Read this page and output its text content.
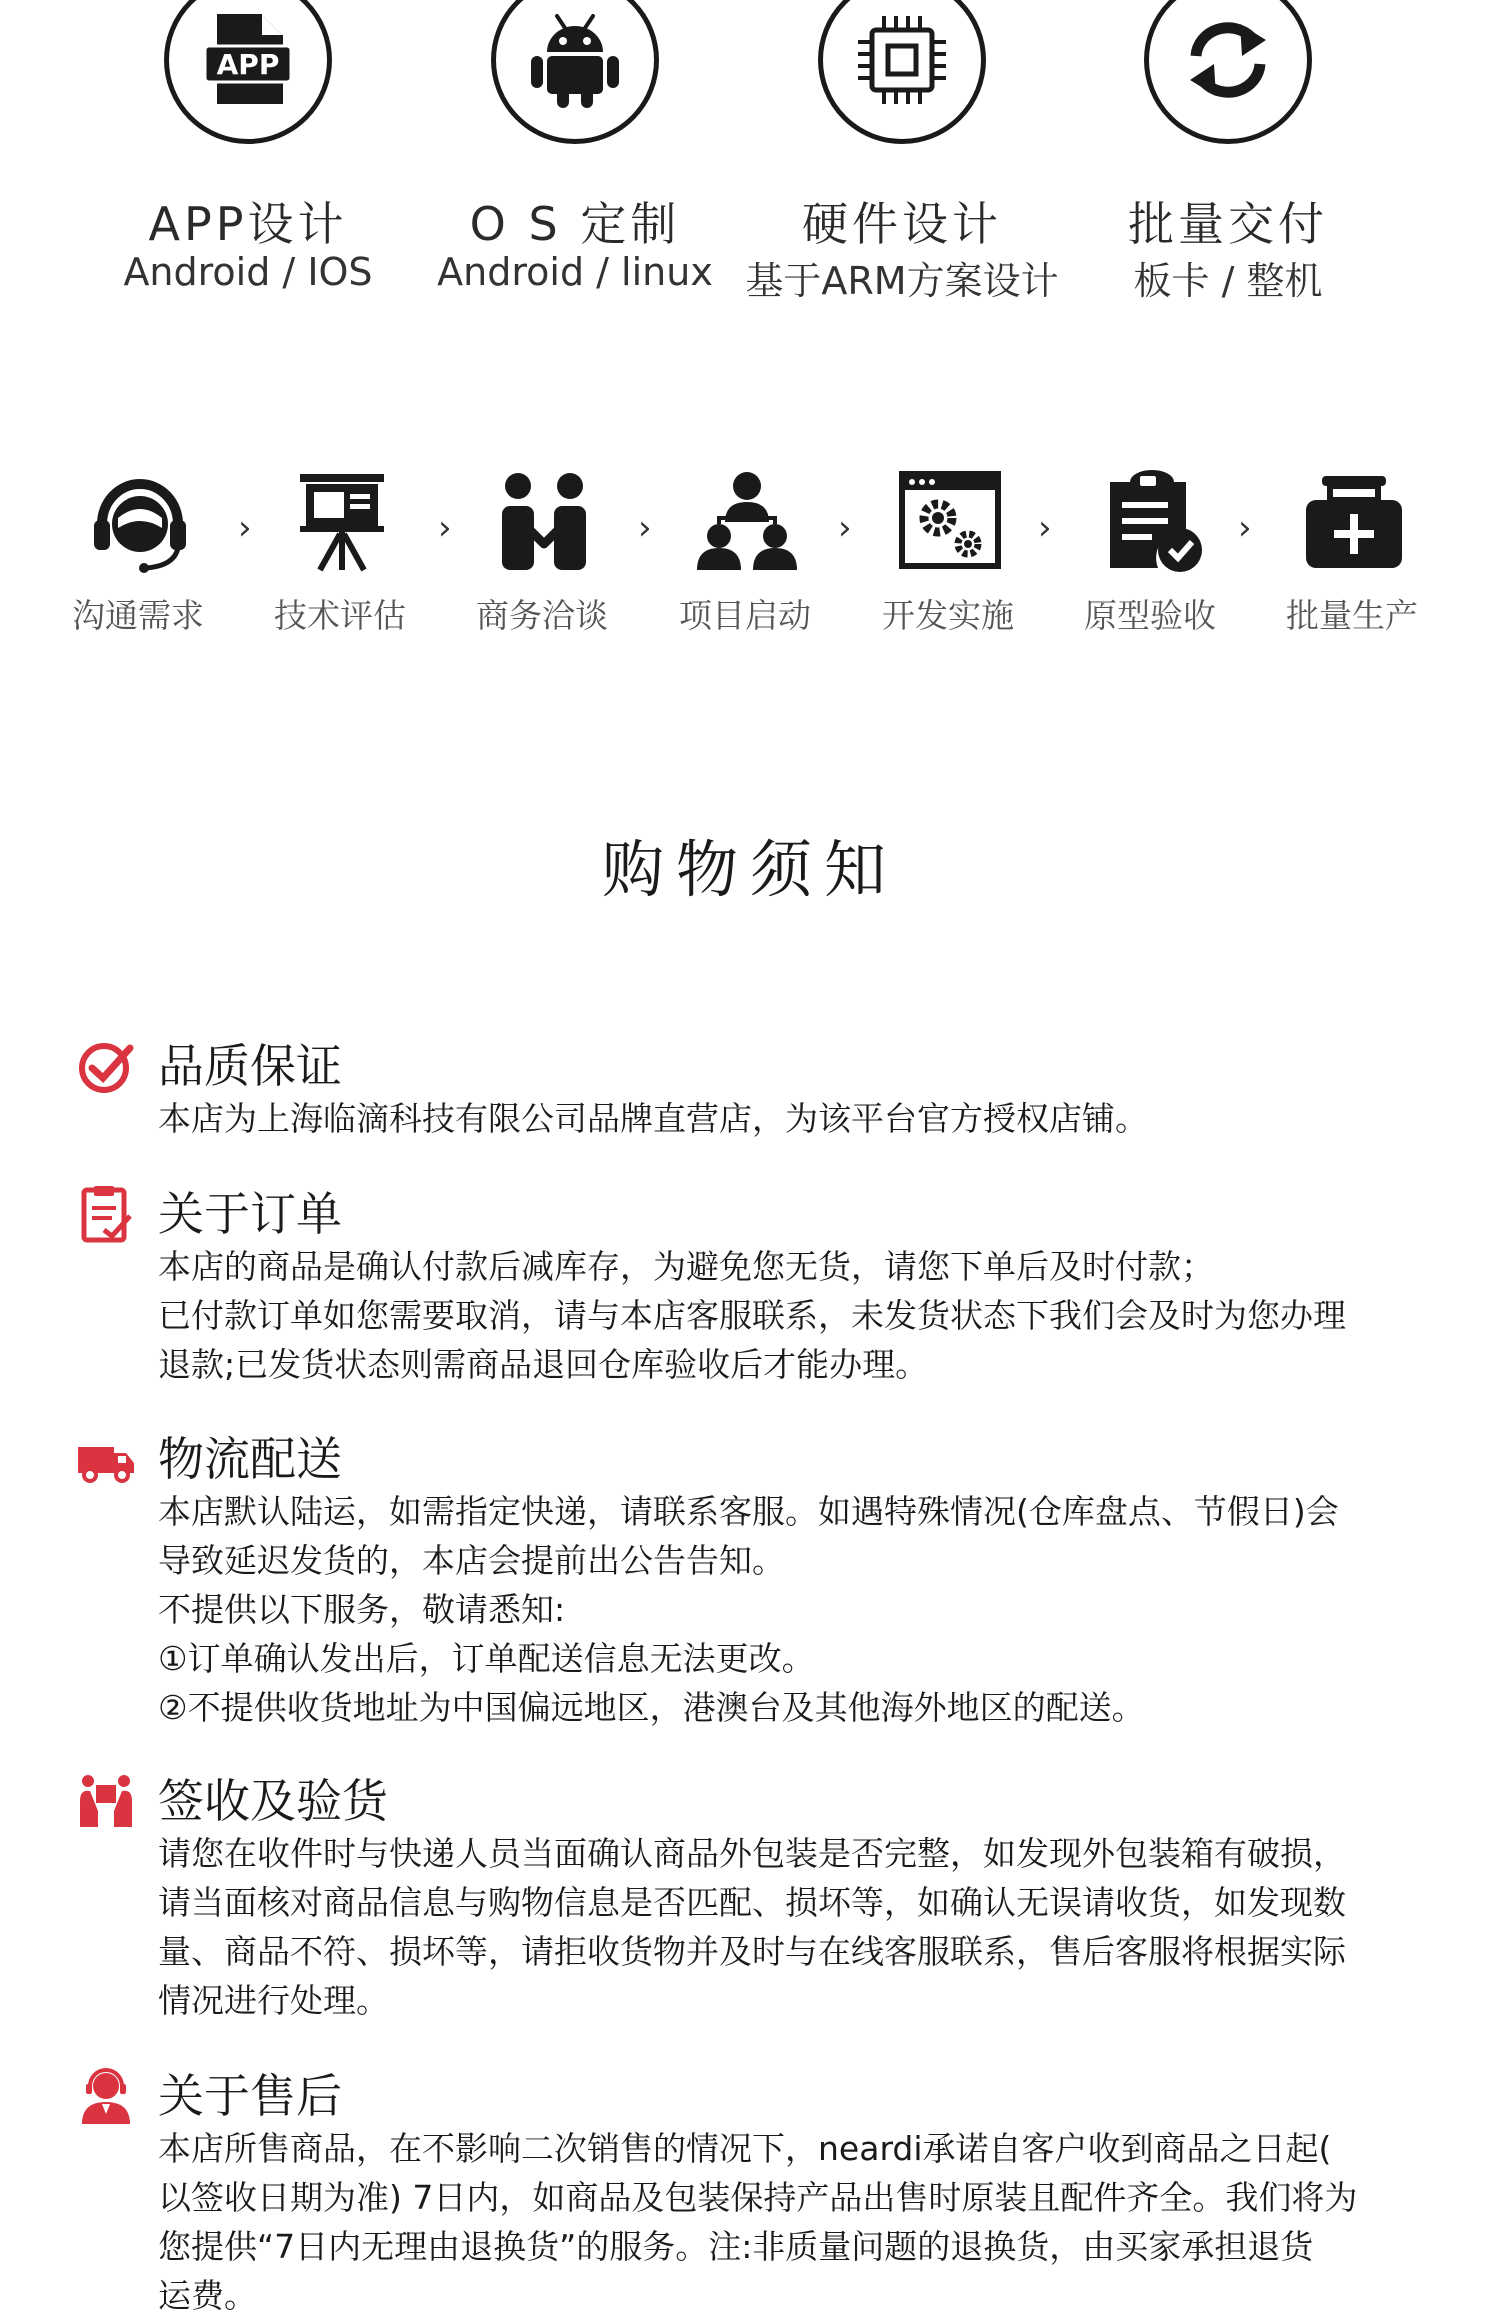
APP
APP设计
Android / IOS
O S 定制
Android / linux
硬件设计
基于ARM方案设计
批量交付
板卡 / 整机
沟通需求
›
技术评估
›
商务洽谈
›
项目启动
›
开发实施
›
原型验收
›
批量生产
购物须知
品质保证

本店为上海临滴科技有限公司品牌直营店，为该平台官方授权店铺。

关于订单

本店的商品是确认付款后减库存，为避免您无货，请您下单后及时付款；

已付款订单如您需要取消，请与本店客服联系，未发货状态下我们会及时为您办理

退款;已发货状态则需商品退回仓库验收后才能办理。

物流配送

本店默认陆运，如需指定快递，请联系客服。如遇特殊情况(仓库盘点、节假日)会

导致延迟发货的，本店会提前出公告告知。

不提供以下服务，敬请悉知:

①订单确认发出后，订单配送信息无法更改。

②不提供收货地址为中国偏远地区，港澳台及其他海外地区的配送。

签收及验货

请您在收件时与快递人员当面确认商品外包装是否完整，如发现外包装箱有破损，

请当面核对商品信息与购物信息是否匹配、损坏等，如确认无误请收货，如发现数

量、商品不符、损坏等，请拒收货物并及时与在线客服联系，售后客服将根据实际

情况进行处理。

关于售后

本店所售商品，在不影响二次销售的情况下，neardi承诺自客户收到商品之日起(

以签收日期为准) 7日内，如商品及包装保持产品出售时原装且配件齐全。我们将为

您提供“7日内无理由退换货”的服务。注:非质量问题的退换货，由买家承担退货

运费。
